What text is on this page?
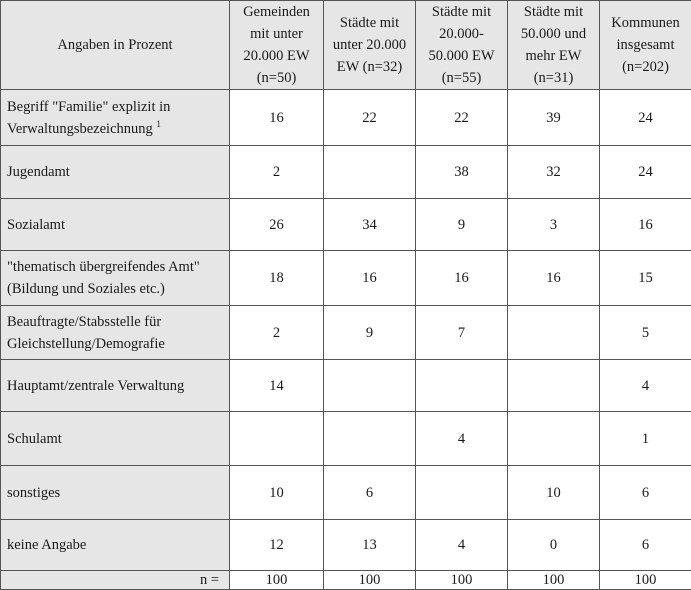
Angaben in Prozent	Gemeinden
mit unter
20.000 EW
(n=50)	Städte mit
unter 20.000
EW (n=32)	Städte mit
20.000-
50.000 EW
(n=55)	Städte mit
50.000 und
mehr EW
(n=31)	Kommunen
insgesamt
(n=202)

Begriff "Familie" explizit in
Verwaltungsbezeichnung $^1$	16	22	22	39	24
Jugendamt	2		38	32	24
Sozialamt	26	34	9	3	16

"thematisch übergreifendes Amt"
(Bildung und Soziales etc.)	18	16	16	16	15

Beauftragte/Stabsstelle für
Gleichstellung/Demografie	2	9	7		5
Hauptamt/zentrale Verwaltung	14				4
Schulamt			4		1
sonstiges	10	6		10	6
keine Angabe	12	13	4	0	6
n =	100	100	100	100	100
